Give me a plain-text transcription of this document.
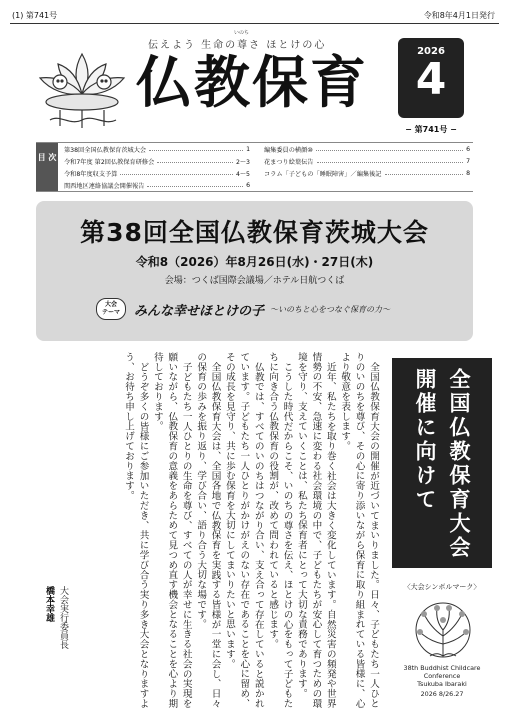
(1) 第741号	令和8年4月1日発行
伝えよう 生命の尊さ ほとけの心
いのち
仏教保育	2026
4
− 第741号 −
目 次
第38回全国仏教保育茨城大会	1
令和7年度 第2回仏教保育研修会	2〜3
令和8年度収支予算	4〜5
関西地区連絡協議会開催報告	6
編集委員の横顔⑩	6
花まつり絵葉伝告	7
コラム「子どもの「睡眠障害」／編集後記	8
第38回全国仏教保育茨城大会
令和8（2026）年8月26日(水)・27日(木)
会場：つくば国際会議場／ホテル日航つくば
大会
テーマ みんな幸せほとけの子 〜いのちと心をつなぐ保育の力〜

全国仏教保育大会の開催が近づいてまいりました。日々、子どもたち一人ひとりのいのちを尊び、その心に寄り添いながら保育に取り組まれている皆様に、心より敬意を表します。

近年、私たちを取り巻く社会は大きく変化しています。自然災害の頻発や世界情勢の不安、急速に変わる社会環境の中で、子どもたちが安心して育つための環境を守り、支えていくことは、私たち保育者にとって大切な責務であります。

こうした時代だからこそ、いのちの尊さを伝え、ほとけの心をもって子どもたちに向き合う仏教保育の役割が、改めて問われていると感じます。

仏教では、すべてのいのちはつながり合い、支え合って存在していると説かれています。子どもたち一人ひとりがかけがえのない存在であることを心に留め、その成長を見守り、共に歩む保育を大切にしてまいりたいと思います。

全国仏教保育大会は、全国各地で仏教保育を実践する皆様が一堂に会し、日々の保育の歩みを振り返り、学び合い、語り合う大切な場です。

子どもたち一人ひとりの生命を尊び、すべての人が幸せに生きる社会の実現を願いながら、仏教保育の意義をあらためて見つめ直す機会となることを心より期待しております。

どうぞ多くの皆様にご参加いただき、共に学び合う実り多き大会となりますよう、お待ち申し上げております。

大会実行委員長
橋本幸雄
全国仏教保育大会開催に向けて
〈大会シンボルマーク〉
38th Buddhist Childcare
Conference
Tsukuba Ibaraki
2026 8/26.27
